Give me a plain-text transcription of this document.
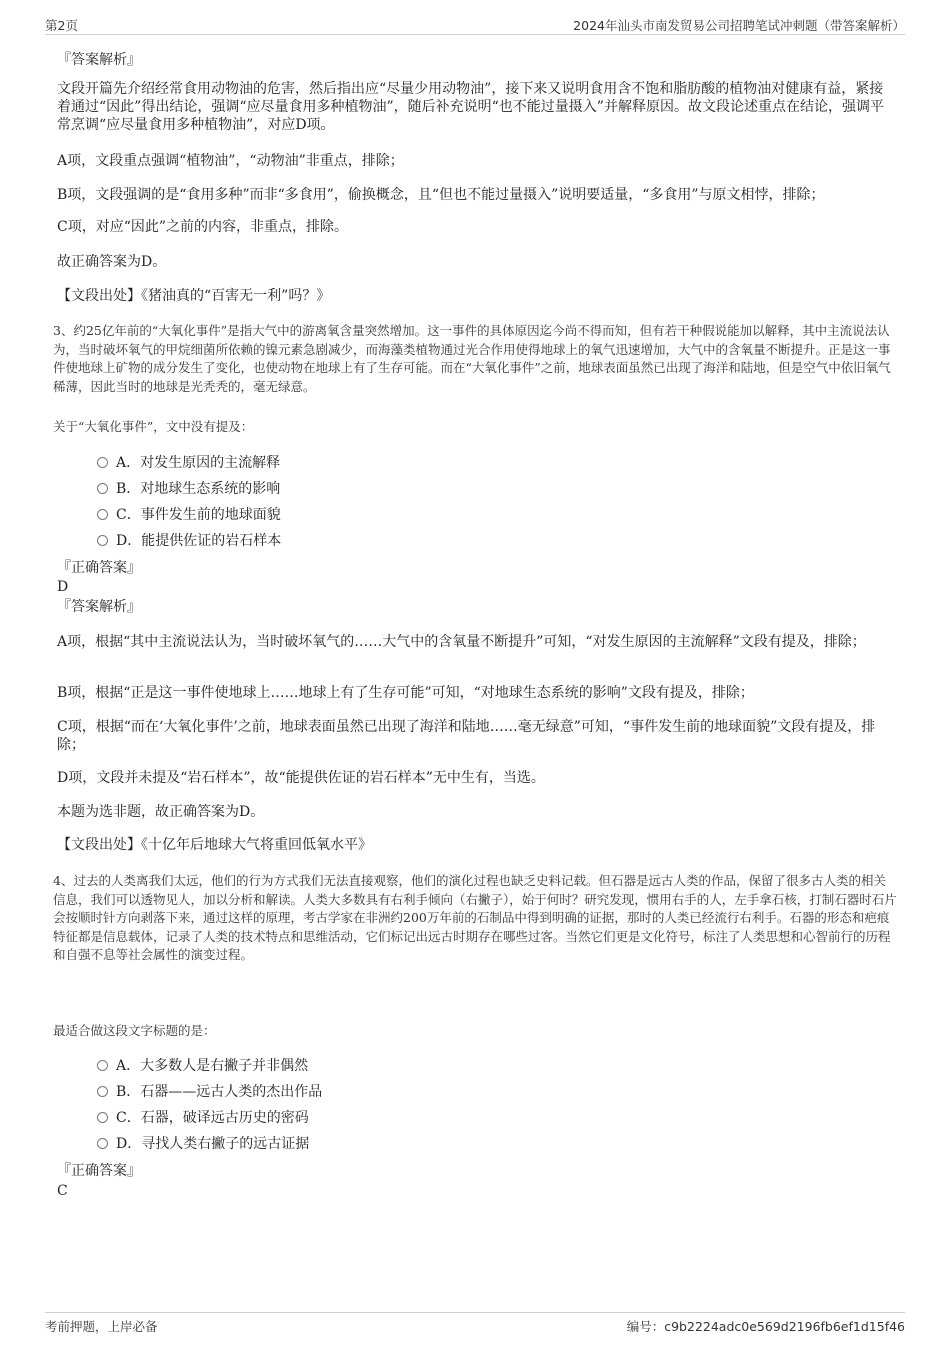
第2页	2024年汕头市南发贸易公司招聘笔试冲刺题（带答案解析）

『答案解析』

文段开篇先介绍经常食用动物油的危害，然后指出应“尽量少用动物油”，接下来又说明食用含不饱和脂肪酸的植物油对健康有益，紧接着通过“因此”得出结论，强调“应尽量食用多种植物油”，随后补充说明“也不能过量摄入”并解释原因。故文段论述重点在结论，强调平常烹调“应尽量食用多种植物油”，对应D项。

A项，文段重点强调“植物油”，“动物油”非重点，排除；

B项，文段强调的是“食用多种”而非“多食用”，偷换概念，且“但也不能过量摄入”说明要适量，“多食用”与原文相悖，排除；

C项，对应“因此”之前的内容，非重点，排除。

故正确答案为D。

【文段出处】《猪油真的“百害无一利”吗？》

3、约25亿年前的“大氧化事件”是指大气中的游离氧含量突然增加。这一事件的具体原因迄今尚不得而知，但有若干种假说能加以解释，其中主流说法认为，当时破坏氧气的甲烷细菌所依赖的镍元素急剧减少，而海藻类植物通过光合作用使得地球上的氧气迅速增加，大气中的含氧量不断提升。正是这一事件使地球上矿物的成分发生了变化，也使动物在地球上有了生存可能。而在“大氧化事件”之前，地球表面虽然已出现了海洋和陆地，但是空气中依旧氧气稀薄，因此当时的地球是光秃秃的，毫无绿意。

关于“大氧化事件”，文中没有提及：

A．对发生原因的主流解释
B．对地球生态系统的影响
C．事件发生前的地球面貌
D．能提供佐证的岩石样本

『正确答案』

D

『答案解析』

A项，根据“其中主流说法认为，当时破坏氧气的……大气中的含氧量不断提升”可知，“对发生原因的主流解释”文段有提及，排除；

B项，根据“正是这一事件使地球上……地球上有了生存可能”可知，“对地球生态系统的影响”文段有提及，排除；

C项，根据“而在‘大氧化事件’之前，地球表面虽然已出现了海洋和陆地……毫无绿意”可知，“事件发生前的地球面貌”文段有提及，排除；

D项，文段并未提及“岩石样本”，故“能提供佐证的岩石样本”无中生有，当选。

本题为选非题，故正确答案为D。

【文段出处】《十亿年后地球大气将重回低氧水平》

4、过去的人类离我们太远，他们的行为方式我们无法直接观察，他们的演化过程也缺乏史料记载。但石器是远古人类的作品，保留了很多古人类的相关信息，我们可以透物见人，加以分析和解读。人类大多数具有右利手倾向（右撇子），始于何时？研究发现，惯用右手的人，左手拿石核，打制石器时石片会按顺时针方向剥落下来，通过这样的原理，考古学家在非洲约200万年前的石制品中得到明确的证据，那时的人类已经流行右利手。石器的形态和疤痕特征都是信息载体，记录了人类的技术特点和思维活动，它们标记出远古时期存在哪些过客。当然它们更是文化符号，标注了人类思想和心智前行的历程和自强不息等社会属性的演变过程。

最适合做这段文字标题的是：

A．大多数人是右撇子并非偶然
B．石器——远古人类的杰出作品
C．石器，破译远古历史的密码
D．寻找人类右撇子的远古证据

『正确答案』

C

考前押题，上岸必备	编号：c9b2224adc0e569d2196fb6ef1d15f46
